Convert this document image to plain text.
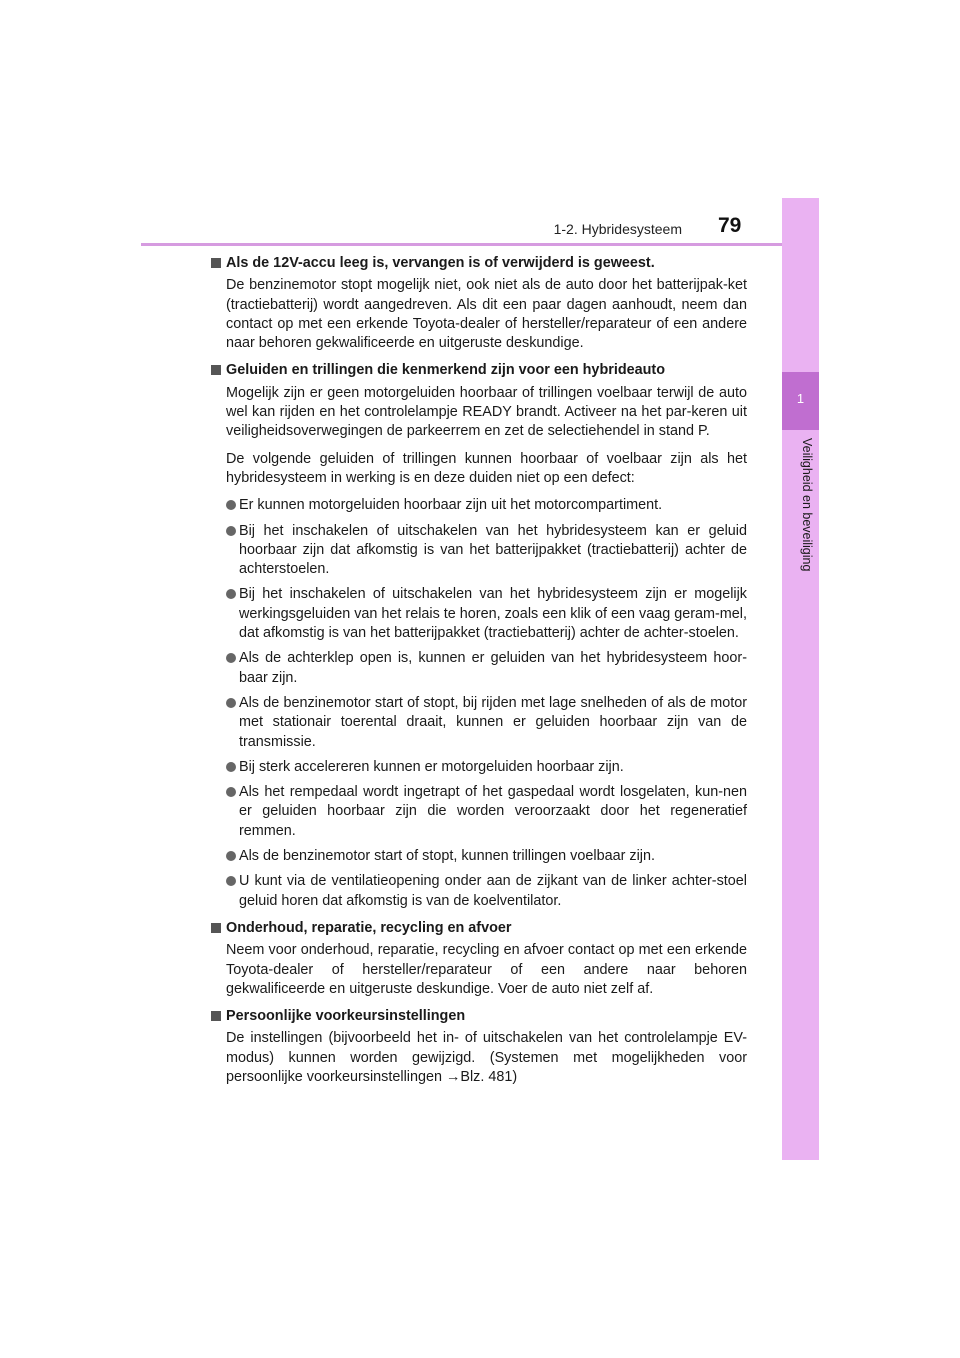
1-2. Hybridesysteem 79
1
Veiligheid en beveiliging
Als de 12V-accu leeg is, vervangen is of verwijderd is geweest.
De benzinemotor stopt mogelijk niet, ook niet als de auto door het batterijpak-ket (tractiebatterij) wordt aangedreven. Als dit een paar dagen aanhoudt, neem dan contact op met een erkende Toyota-dealer of hersteller/reparateur of een andere naar behoren gekwalificeerde en uitgeruste deskundige.
Geluiden en trillingen die kenmerkend zijn voor een hybrideauto
Mogelijk zijn er geen motorgeluiden hoorbaar of trillingen voelbaar terwijl de auto wel kan rijden en het controlelampje READY brandt. Activeer na het par-keren uit veiligheidsoverwegingen de parkeerrem en zet de selectiehendel in stand P.
De volgende geluiden of trillingen kunnen hoorbaar of voelbaar zijn als het hybridesysteem in werking is en deze duiden niet op een defect:
Er kunnen motorgeluiden hoorbaar zijn uit het motorcompartiment.
Bij het inschakelen of uitschakelen van het hybridesysteem kan er geluid hoorbaar zijn dat afkomstig is van het batterijpakket (tractiebatterij) achter de achterstoelen.
Bij het inschakelen of uitschakelen van het hybridesysteem zijn er mogelijk werkingsgeluiden van het relais te horen, zoals een klik of een vaag geram-mel, dat afkomstig is van het batterijpakket (tractiebatterij) achter de achter-stoelen.
Als de achterklep open is, kunnen er geluiden van het hybridesysteem hoor-baar zijn.
Als de benzinemotor start of stopt, bij rijden met lage snelheden of als de motor met stationair toerental draait, kunnen er geluiden hoorbaar zijn van de transmissie.
Bij sterk accelereren kunnen er motorgeluiden hoorbaar zijn.
Als het rempedaal wordt ingetrapt of het gaspedaal wordt losgelaten, kun-nen er geluiden hoorbaar zijn die worden veroorzaakt door het regeneratief remmen.
Als de benzinemotor start of stopt, kunnen trillingen voelbaar zijn.
U kunt via de ventilatieopening onder aan de zijkant van de linker achter-stoel geluid horen dat afkomstig is van de koelventilator.
Onderhoud, reparatie, recycling en afvoer
Neem voor onderhoud, reparatie, recycling en afvoer contact op met een erkende Toyota-dealer of hersteller/reparateur of een andere naar behoren gekwalificeerde en uitgeruste deskundige. Voer de auto niet zelf af.
Persoonlijke voorkeursinstellingen
De instellingen (bijvoorbeeld het in- of uitschakelen van het controlelampje EV-modus) kunnen worden gewijzigd. (Systemen met mogelijkheden voor persoonlijke voorkeursinstellingen →Blz. 481)
